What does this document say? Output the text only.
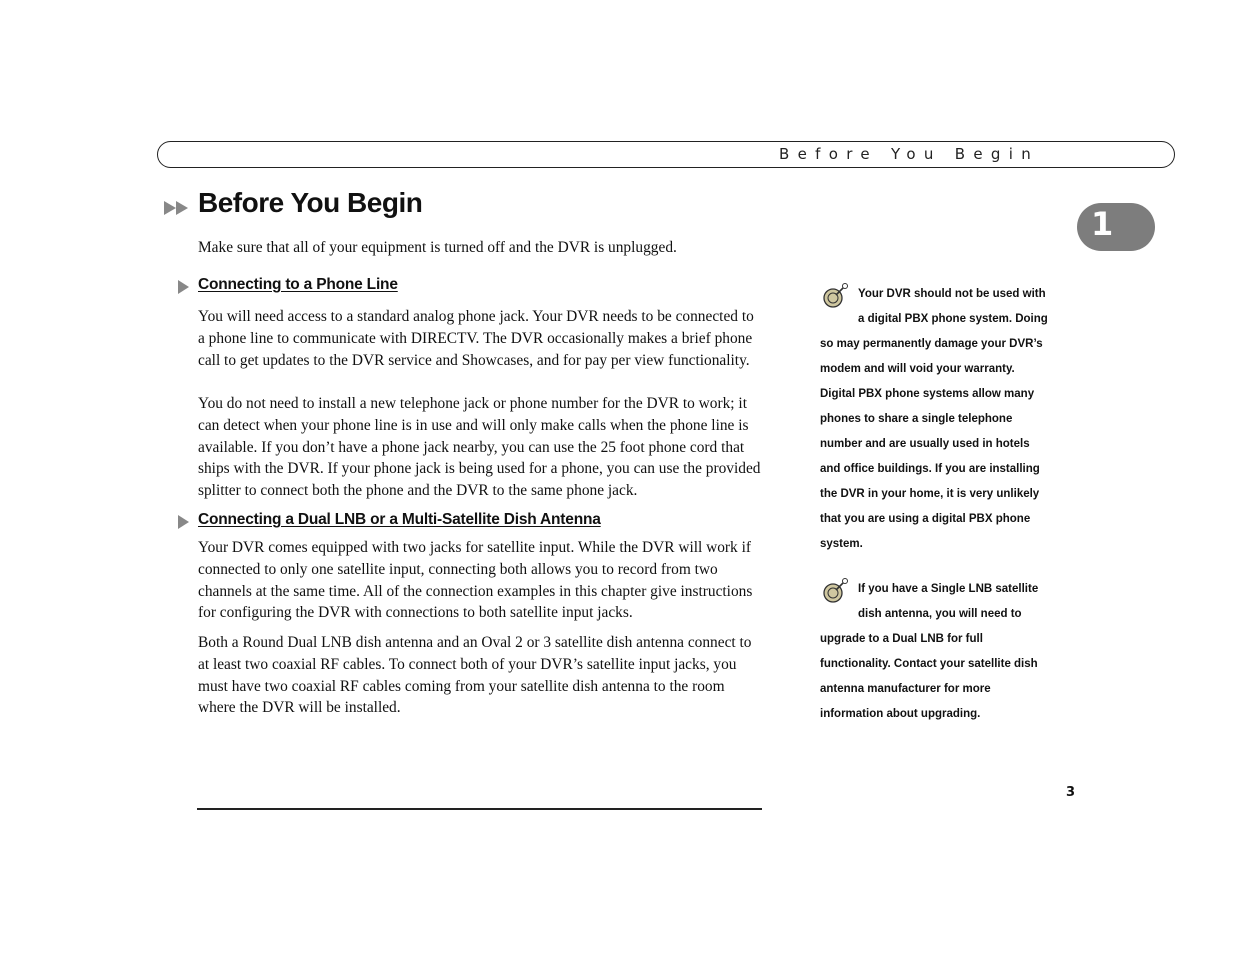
Before You Begin
1
Before You Begin

Make sure that all of your equipment is turned off and the DVR is unplugged.

Connecting to a Phone Line

You will need access to a standard analog phone jack. Your DVR needs to be connected to a phone line to communicate with DIRECTV. The DVR occasionally makes a brief phone call to get updates to the DVR service and Showcases, and for pay per view functionality.

You do not need to install a new telephone jack or phone number for the DVR to work; it can detect when your phone line is in use and will only make calls when the phone line is available. If you don’t have a phone jack nearby, you can use the 25 foot phone cord that ships with the DVR. If your phone jack is being used for a phone, you can use the provided splitter to connect both the phone and the DVR to the same phone jack.

Connecting a Dual LNB or a Multi-Satellite Dish Antenna

Your DVR comes equipped with two jacks for satellite input. While the DVR will work if connected to only one satellite input, connecting both allows you to record from two channels at the same time. All of the connection examples in this chapter give instructions for configuring the DVR with connections to both satellite input jacks.

Both a Round Dual LNB dish antenna and an Oval 2 or 3 satellite dish antenna connect to at least two coaxial RF cables. To connect both of your DVR’s satellite input jacks, you must have two coaxial RF cables coming from your satellite dish antenna to the room where the DVR will be installed.

3

Your DVR should not be used with a digital PBX phone system. Doing so may permanently damage your DVR’s modem and will void your warranty. Digital PBX phone systems allow many phones to share a single telephone number and are usually used in hotels and office buildings. If you are installing the DVR in your home, it is very unlikely that you are using a digital PBX phone system.

If you have a Single LNB satellite dish antenna, you will need to upgrade to a Dual LNB for full functionality. Contact your satellite dish antenna manufacturer for more information about upgrading.
